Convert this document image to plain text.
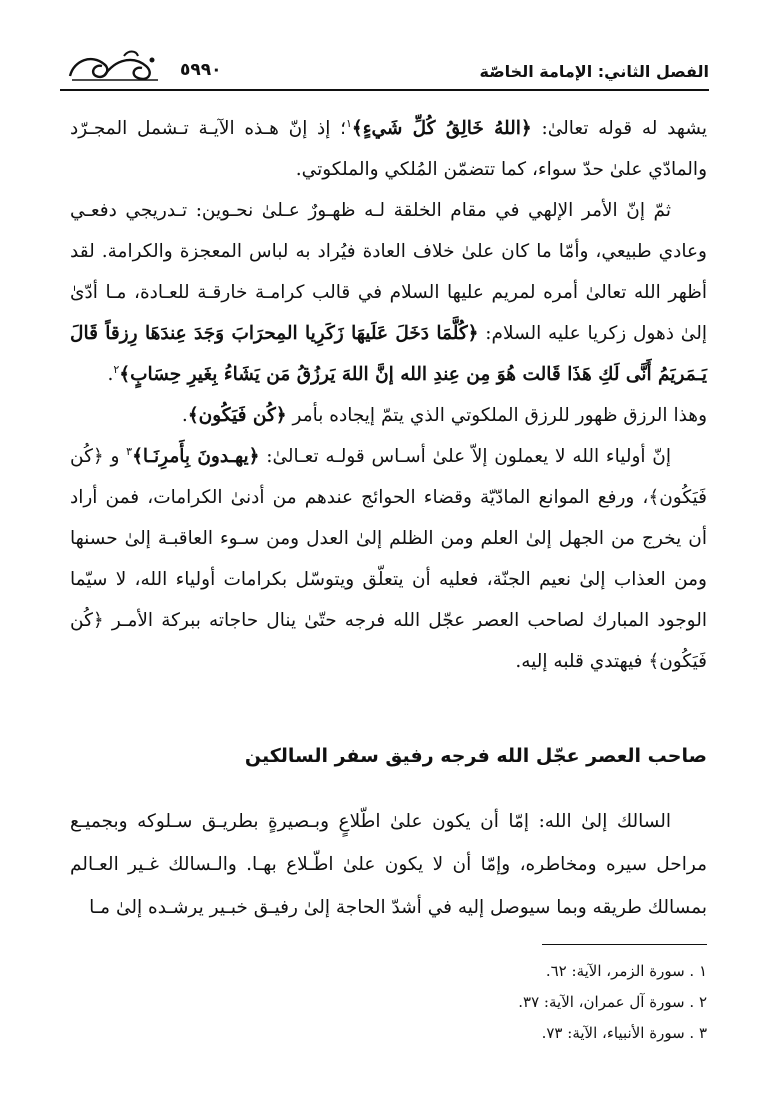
الفصل الثاني: الإمامة الخاصّة
٥٩٩٠

يشهد له قوله تعالىٰ: ﴿اللهُ خَالِقُ كُلِّ شَيءٍ﴾$^١$؛ إذ إنّ هـذه الآيـة تـشمل المجـرّد والمادّي علىٰ حدّ سواء، كما تتضمّن المُلكي والملكوتي.

ثمّ إنّ الأمر الإلهي في مقام الخلقة لـه ظهـورٌ عـلىٰ نحـوين: تـدريجي دفعـي وعادي طبيعي، وأمّا ما كان علىٰ خلاف العادة فيُراد به لباس المعجزة والكرامة. لقد أظهر الله تعالىٰ أمره لمريم عليها السلام في قالب كرامـة خارقـة للعـادة، مـا أدّىٰ إلىٰ ذهول زكريا عليه السلام: ﴿كُلَّمَا دَخَلَ عَلَيهَا زَكَرِيا المِحرَابَ وَجَدَ عِندَهَا رِزقاً قَالَ يَـمَريَمُ أَنَّى لَكِ هَذَا قَالت هُوَ مِن عِندِ الله إنَّ اللهَ يَرزُقُ مَن يَشَاءُ بِغَيرِ حِسَابٍ﴾$^٢$.

وهذا الرزق ظهور للرزق الملكوتي الذي يتمّ إيجاده بأمر ﴿كُن فَيَكُون﴾.

إنّ أولياء الله لا يعملون إلاّ علىٰ أسـاس قولـه تعـالىٰ: ﴿يهـدونَ بِأَمرِنَـا﴾$^٣$ و ﴿كُن فَيَكُون﴾، ورفع الموانع المادّيّة وقضاء الحوائج عندهم من أدنىٰ الكرامات، فمن أراد أن يخرج من الجهل إلىٰ العلم ومن الظلم إلىٰ العدل ومن سـوء العاقبـة إلىٰ حسنها ومن العذاب إلىٰ نعيم الجنّة، فعليه أن يتعلّق ويتوسّل بكرامات أولياء الله، لا سيّما الوجود المبارك لصاحب العصر عجّل الله فرجه حتّىٰ ينال حاجاته ببركة الأمـر ﴿كُن فَيَكُون﴾ فيهتدي قلبه إليه.

صاحب العصر عجّل الله فرجه رفيق سفر السالكين

السالك إلىٰ الله: إمّا أن يكون علىٰ اطّلاعٍ وبـصيرةٍ بطريـق سـلوكه وبجميـع مراحل سيره ومخاطره، وإمّا أن لا يكون علىٰ اطّـلاع بهـا. والـسالك غـير العـالم بمسالك طريقه وبما سيوصل إليه في أشدّ الحاجة إلىٰ رفيـق خبـير يرشـده إلىٰ مـا

١ . سورة الزمر، الآية: ٦٢.
٢ . سورة آل عمران، الآية: ٣٧.
٣ . سورة الأنبياء، الآية: ٧٣.
